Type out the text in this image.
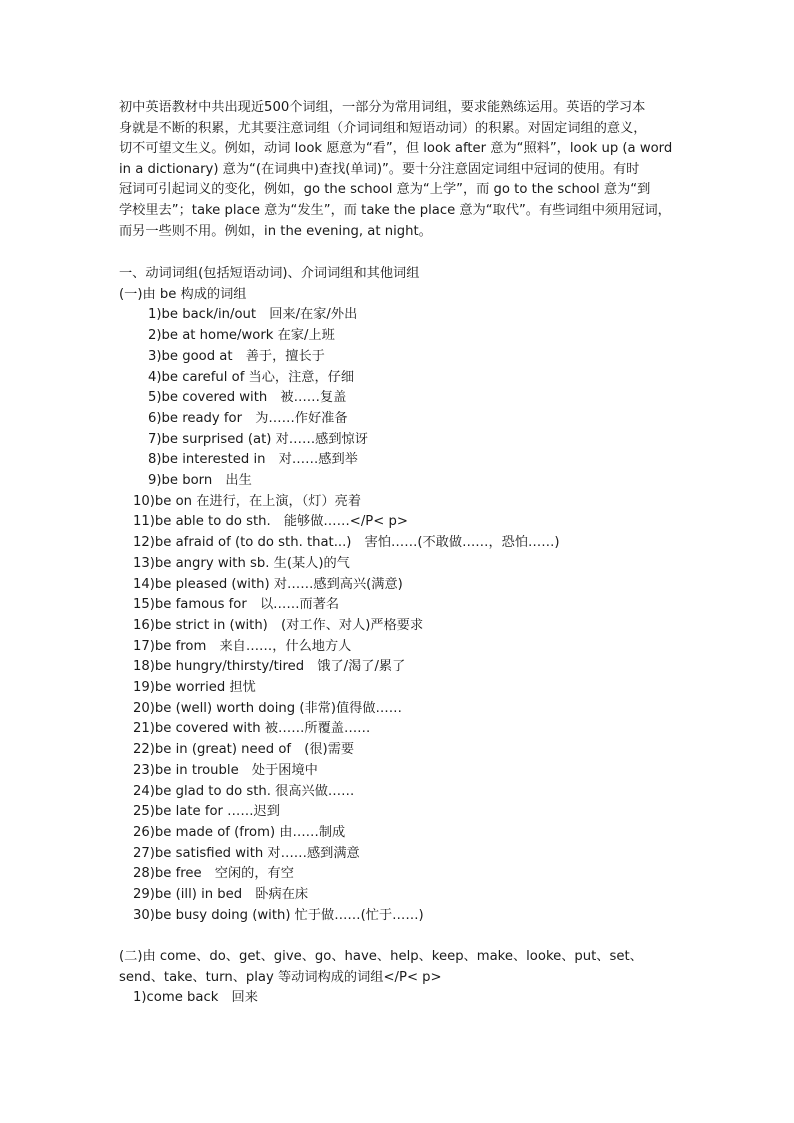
初中英语教材中共出现近500个词组，一部分为常用词组，要求能熟练运用。英语的学习本
身就是不断的积累，尤其要注意词组（介词词组和短语动词）的积累。对固定词组的意义，
切不可望文生义。例如，动词 look 愿意为“看”，但 look after 意为“照料”，look up (a word
in a dictionary) 意为“(在词典中)查找(单词)”。要十分注意固定词组中冠词的使用。有时
冠词可引起词义的变化，例如，go the school 意为“上学”，而 go to the school 意为“到
学校里去”；take place 意为“发生”，而 take the place 意为“取代”。有些词组中须用冠词，
而另一些则不用。例如，in the evening, at night。
一、动词词组(包括短语动词)、介词词组和其他词组
(一)由 be 构成的词组
1)be back/in/out　回来/在家/外出
2)be at home/work 在家/上班
3)be good at　善于，擅长于
4)be careful of 当心，注意，仔细
5)be covered with　被……复盖
6)be ready for　为……作好准备
7)be surprised (at) 对……感到惊讶
8)be interested in　对……感到举
9)be born　出生
10)be on 在进行，在上演，（灯）亮着
11)be able to do sth.　能够做……</P< p>
12)be afraid of (to do sth. that...)　害怕……(不敢做……，恐怕……)
13)be angry with sb. 生(某人)的气
14)be pleased (with) 对……感到高兴(满意)
15)be famous for　以……而著名
16)be strict in (with)　(对工作、对人)严格要求
17)be from　来自……，什么地方人
18)be hungry/thirsty/tired　饿了/渴了/累了
19)be worried 担忧
20)be (well) worth doing (非常)值得做……
21)be covered with 被……所覆盖……
22)be in (great) need of　(很)需要
23)be in trouble　处于困境中
24)be glad to do sth. 很高兴做……
25)be late for ……迟到
26)be made of (from) 由……制成
27)be satisfied with 对……感到满意
28)be free　空闲的，有空
29)be (ill) in bed　卧病在床
30)be busy doing (with) 忙于做……(忙于……)
(二)由 come、do、get、give、go、have、help、keep、make、looke、put、set、
send、take、turn、play 等动词构成的词组</P< p>
1)come back　回来
